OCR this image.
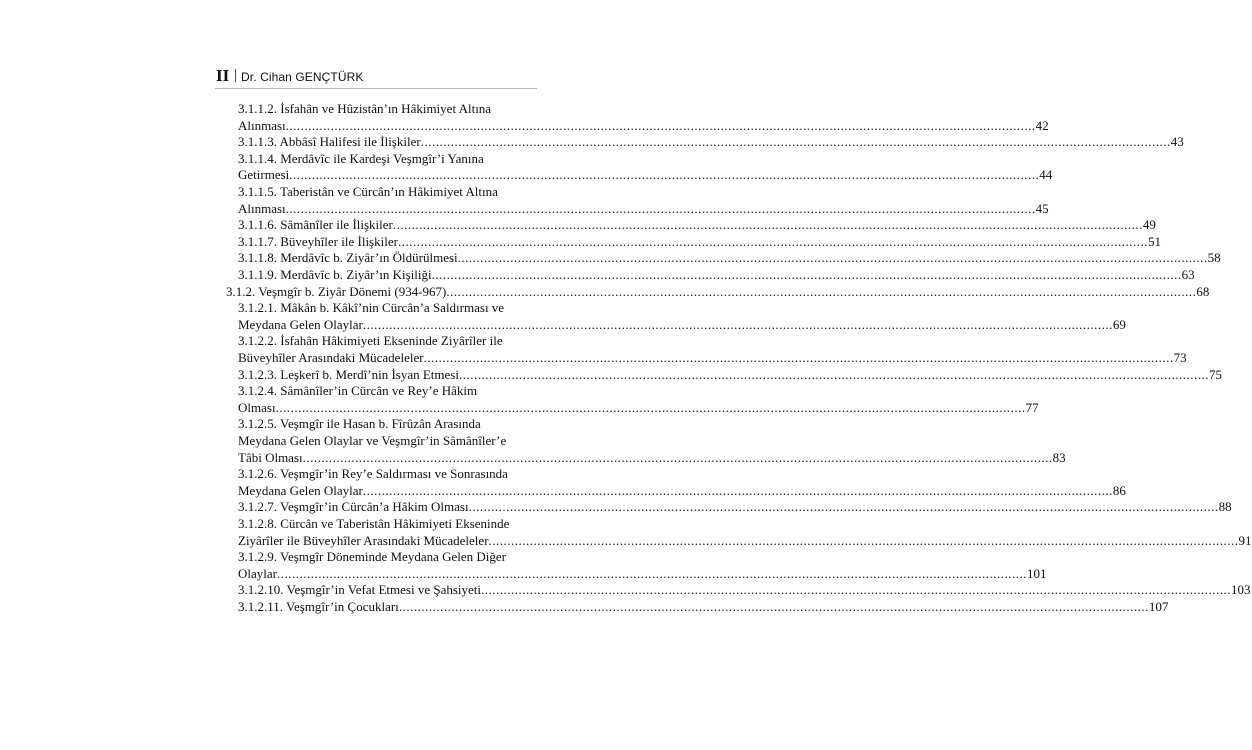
II | Dr. Cihan GENÇTÜRK
3.1.1.2. İsfahân ve Hûzistân’ın Hâkimiyet Altına
Alınması ........................................................................................................................................................................................................ 42
3.1.1.3. Abbâsî Halifesi ile İlişkiler ........................................................................................................................................................................................................ 43
3.1.1.4. Merdâvîc ile Kardeşi Veşmgîr’i Yanına
Getirmesi ........................................................................................................................................................................................................ 44
3.1.1.5. Taberistân ve Cürcân’ın Hâkimiyet Altına
Alınması ........................................................................................................................................................................................................ 45
3.1.1.6. Sâmânîler ile İlişkiler ........................................................................................................................................................................................................ 49
3.1.1.7. Büveyhîler ile İlişkiler ........................................................................................................................................................................................................ 51
3.1.1.8. Merdâvîc b. Ziyâr’ın Öldürülmesi ........................................................................................................................................................................................................ 58
3.1.1.9. Merdâvîc b. Ziyâr’ın Kişiliği ........................................................................................................................................................................................................ 63
3.1.2. Veşmgîr b. Ziyâr Dönemi (934-967) ........................................................................................................................................................................................................ 68
3.1.2.1. Mâkân b. Kâkî’nin Cürcân’a Saldırması ve
Meydana Gelen Olaylar ........................................................................................................................................................................................................ 69
3.1.2.2. İsfahân Hâkimiyeti Ekseninde Ziyârîler ile
Büveyhîler Arasındaki Mücadeleler ........................................................................................................................................................................................................ 73
3.1.2.3. Leşkerî b. Merdî’nin İsyan Etmesi ........................................................................................................................................................................................................ 75
3.1.2.4. Sâmânîler’in Cürcân ve Rey’e Hâkim
Olması ........................................................................................................................................................................................................ 77
3.1.2.5. Veşmgîr ile Hasan b. Fîrûzân Arasında
Meydana Gelen Olaylar ve Veşmgîr’in Sâmânîler’e
Tâbi Olması ........................................................................................................................................................................................................ 83
3.1.2.6. Veşmgîr’in Rey’e Saldırması ve Sonrasında
Meydana Gelen Olaylar ........................................................................................................................................................................................................ 86
3.1.2.7. Veşmgîr’in Cürcân’a Hâkim Olması ........................................................................................................................................................................................................ 88
3.1.2.8. Cürcân ve Taberistân Hâkimiyeti Ekseninde
Ziyârîler ile Büveyhîler Arasındaki Mücadeleler ........................................................................................................................................................................................................ 91
3.1.2.9. Veşmgîr Döneminde Meydana Gelen Diğer
Olaylar ........................................................................................................................................................................................................ 101
3.1.2.10. Veşmgîr’in Vefat Etmesi ve Şahsiyeti ........................................................................................................................................................................................................ 103
3.1.2.11. Veşmgîr’in Çocukları ........................................................................................................................................................................................................ 107
